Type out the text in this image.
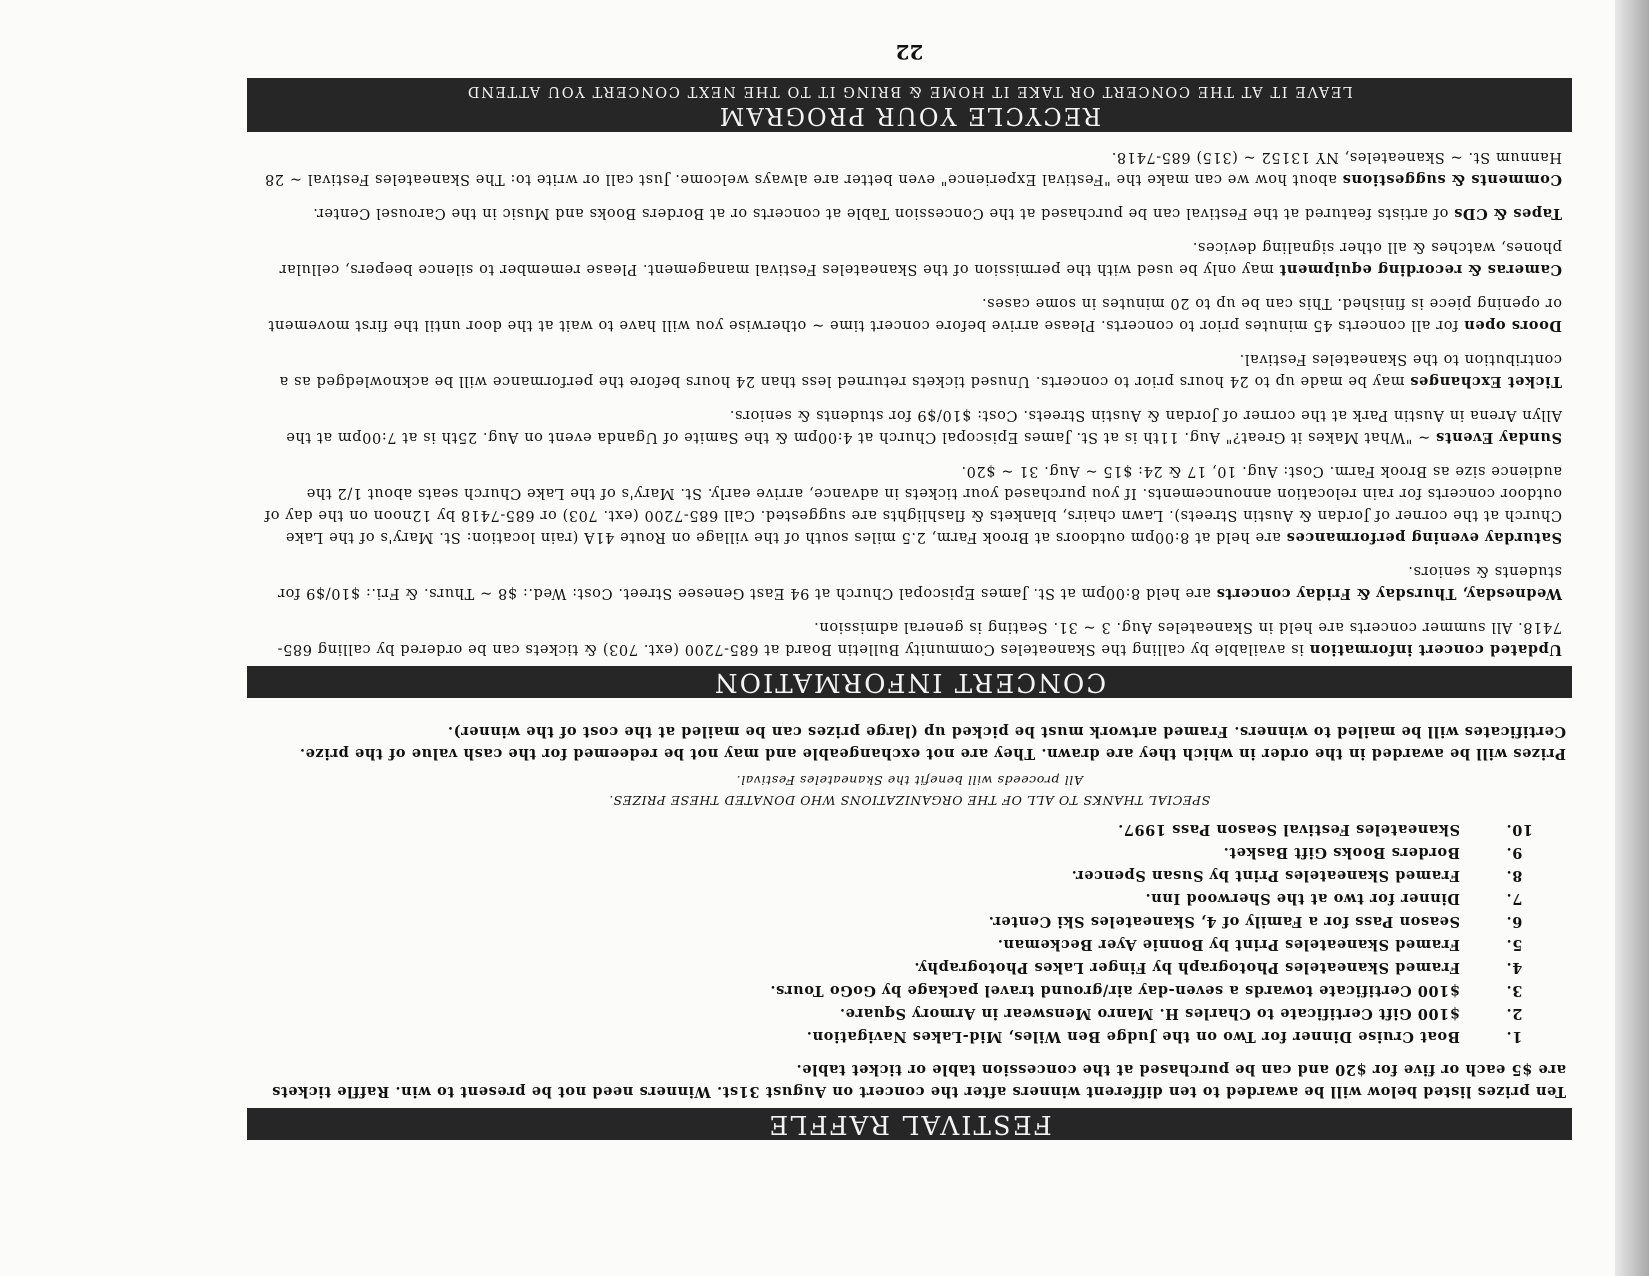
FESTIVAL RAFFLE

Ten prizes listed below will be awarded to ten different winners after the concert on August 31st. Winners need not be present to win. Raffle tickets are $5 each or five for $20 and can be purchased at the concession table or ticket table.

1.
Boat Cruise Dinner for Two on the Judge Ben Wiles, Mid-Lakes Navigation.
2.
$100 Gift Certificate to Charles H. Manro Menswear in Armory Square.
3.
$100 Certificate towards a seven-day air/ground travel package by GoGo Tours.
4.
Framed Skaneateles Photograph by Finger Lakes Photography.
5.
Framed Skaneateles Print by Bonnie Ayer Beckeman.
6.
Season Pass for a Family of 4, Skaneateles Ski Center.
7.
Dinner for two at the Sherwood Inn.
8.
Framed Skaneateles Print by Susan Spencer.
9.
Borders Books Gift Basket.
10.
Skaneateles Festival Season Pass 1997.
SPECIAL THANKS TO ALL OF THE ORGANIZATIONS WHO DONATED THESE PRIZES.
All proceeds will benefit the Skaneateles Festival.

Prizes will be awarded in the order in which they are drawn. They are not exchangeable and may not be redeemed for the cash value of the prize. Certificates will be mailed to winners. Framed artwork must be picked up (large prizes can be mailed at the cost of the winner).

CONCERT INFORMATION

Updated concert information is available by calling the Skaneateles Community Bulletin Board at 685-7200 (ext. 703) & tickets can be ordered by calling 685-7418. All summer concerts are held in Skaneateles Aug. 3 ~ 31. Seating is general admission.

Wednesday, Thursday & Friday concerts are held 8:00pm at St. James Episcopal Church at 94 East Genesee Street. Cost: Wed.: $8 ~ Thurs. & Fri.: $10/$9 for students & seniors.

Saturday evening performances are held at 8:00pm outdoors at Brook Farm, 2.5 miles south of the village on Route 41A (rain location: St. Mary's of the Lake Church at the corner of Jordan & Austin Streets). Lawn chairs, blankets & flashlights are suggested. Call 685-7200 (ext. 703) or 685-7418 by 12noon on the day of outdoor concerts for rain relocation announcements. If you purchased your tickets in advance, arrive early. St. Mary's of the Lake Church seats about 1/2 the audience size as Brook Farm. Cost: Aug. 10, 17 & 24: $15 ~ Aug. 31 ~ $20.

Sunday Events ~ "What Makes it Great?" Aug. 11th is at St. James Episcopal Church at 4:00pm & the Samite of Uganda event on Aug. 25th is at 7:00pm at the Allyn Arena in Austin Park at the corner of Jordan & Austin Streets. Cost: $10/$9 for students & seniors.

Ticket Exchanges may be made up to 24 hours prior to concerts. Unused tickets returned less than 24 hours before the performance will be acknowledged as a contribution to the Skaneateles Festival.

Doors open for all concerts 45 minutes prior to concerts. Please arrive before concert time ~ otherwise you will have to wait at the door until the first movement or opening piece is finished. This can be up to 20 minutes in some cases.

Cameras & recording equipment may only be used with the permission of the Skaneateles Festival management. Please remember to silence beepers, cellular phones, watches & all other signaling devices.

Tapes & CDs of artists featured at the Festival can be purchased at the Concession Table at concerts or at Borders Books and Music in the Carousel Center.

Comments & suggestions about how we can make the "Festival Experience" even better are always welcome. Just call or write to: The Skaneateles Festival ~ 28 Hannum St. ~ Skaneateles, NY 13152 ~ (315) 685-7418.

RECYCLE YOUR PROGRAM
LEAVE IT AT THE CONCERT OR TAKE IT HOME & BRING IT TO THE NEXT CONCERT YOU ATTEND
22
